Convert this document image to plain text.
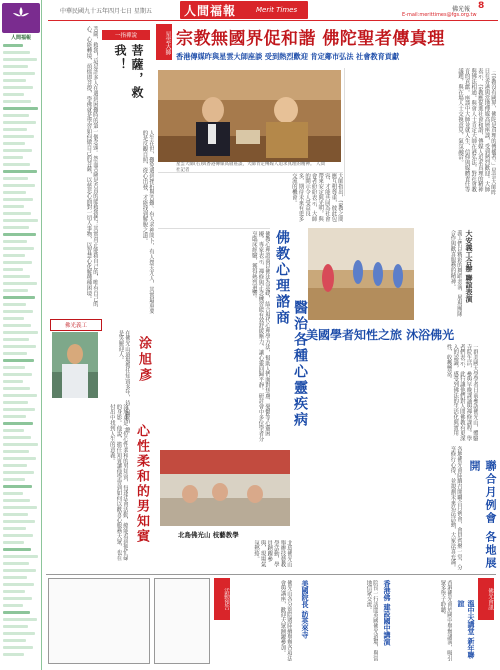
人間福報
中華民國九十五年四月七日 星期五	人間福報	Merit Times	佛光報 8
E-mail:merittimes@fgs.org.tw
星雲大師 宗教無國界促和諧 佛陀聖者傳真理
香港傳媒昨與星雲大師座談 受到熱烈歡迎 肯定鄰市弘法 社會教育貢獻
星雲大師(右)與香港傳媒高層座談，大師肯定傳媒人追求真理的精神。 人間社記者	「宗教沒有國界，佛陀是真理的傳播者。」星雲大師昨日在香港與當地傳媒高層座談，受到熱烈歡迎。大師表示，宗教應促進社會和諧，傳媒人追求真理的精神與佛法相通。與會人士肯定大師在港弘法，對社會教育的貢獻。座談中大師並就人生、信仰與媒體責任等議題，與在場人士交換意見，氣氛融洽。
大師指出，宗教之間應互相尊重，彼此包容，才能共同為社會帶來安定與光明。與會者紛紛表示，大師的開示令人受益良多，期待未來有更多交流的機會。
菩薩，救我！這是許多人在遇到困難時的第一個念頭。然而菩薩是否真的能救我們？其實真正能救自己的，唯有自己的心。心能轉境，煩惱即菩提，學佛就是學習如何做自己的菩薩，以慈悲心面對一切人事物，以智慧心化解種種困境。	一指禪說
菩薩，救我！
人生在世，難免遇到挫折與苦難。有人求神問卜，有人怨天尤人，其實最重要的是反觀自照，從心出發，才能找到解脫之道。
佛光義工
在佛光山道場擔任知賓多年，待人親切，總是笑臉迎人。 涂旭彥
心性柔和的男知賓
涂旭彥是一位心性柔和的男知賓，每逢法會活動，總能看到他忙碌的身影。他說，擔任知賓讓他學習到如何以歡喜心服務大眾，也在付出中找到人生的意義。	佛教心理諮商以佛法為基礎，結合現代心理學方法，幫助人們面對焦慮、憂鬱等心靈困擾。專家表示，禪修與正念練習能有效舒緩壓力，讓心靈回歸平靜。研討會中多位學者分享臨床經驗，獲得熱烈迴響。	佛教心理諮商
醫治各種心靈疾病
大安義工合辦 聯誼表演
義工們以精彩的舞蹈表演，展現團隊合作與歡喜服務的精神。
美國學者知性之旅 沐浴佛光
一群美國大學學者日前參訪佛光山，體驗寺院生活，參與早晚課誦與禪修課程。學者們表示，此行讓他們對人間佛教有更深入的認識，感受到佛法的生活化與實用性，收穫豐富。
北島佛光山 枝藝教學
北島佛光山舉辦技藝教學活動，學員踴躍參與，現場氣氛熱絡。	各地佛光會陸續召開聯合月例會，會員齊聚一堂，分享修行心得，並規劃未來弘法活動，大家法喜充滿。	聯合月例會 各地展開
活動預告	佛光山各分別院將陸續舉辦各項法會與講座，歡迎大眾踴躍參加。	美國院長 訪英來寺	院長一行訪問英國佛光道場，與當地信眾交流。	香港佛 建設國中講演	香港佛光會於國中舉辦講演，吸引眾多學子聆聽。
溫中天講堂 新年聯誼	佛光會訊
